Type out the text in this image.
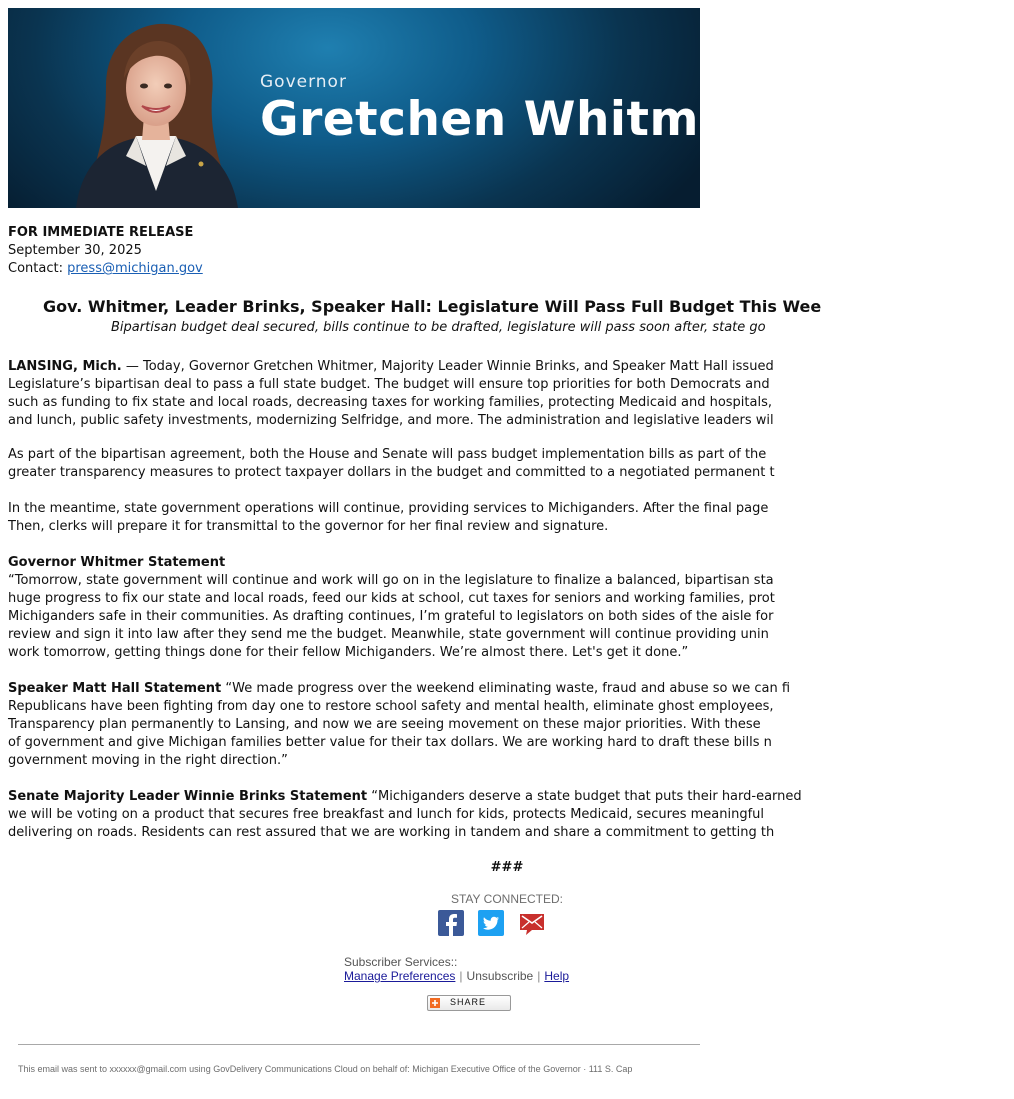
Governor
Gretchen Whitmer
FOR IMMEDIATE RELEASE
September 30, 2025
Contact: press@michigan.gov
Gov. Whitmer, Leader Brinks, Speaker Hall: Legislature Will Pass Full Budget This Wee
Bipartisan budget deal secured, bills continue to be drafted, legislature will pass soon after, state go
LANSING, Mich. — Today, Governor Gretchen Whitmer, Majority Leader Winnie Brinks, and Speaker Matt Hall issued
Legislature’s bipartisan deal to pass a full state budget. The budget will ensure top priorities for both Democrats and
such as funding to fix state and local roads, decreasing taxes for working families, protecting Medicaid and hospitals,
and lunch, public safety investments, modernizing Selfridge, and more. The administration and legislative leaders wil
As part of the bipartisan agreement, both the House and Senate will pass budget implementation bills as part of the
greater transparency measures to protect taxpayer dollars in the budget and committed to a negotiated permanent t
In the meantime, state government operations will continue, providing services to Michiganders. After the final page
Then, clerks will prepare it for transmittal to the governor for her final review and signature.
Governor Whitmer Statement
“Tomorrow, state government will continue and work will go on in the legislature to finalize a balanced, bipartisan sta
huge progress to fix our state and local roads, feed our kids at school, cut taxes for seniors and working families, prot
Michiganders safe in their communities. As drafting continues, I’m grateful to legislators on both sides of the aisle for
review and sign it into law after they send me the budget. Meanwhile, state government will continue providing unin
work tomorrow, getting things done for their fellow Michiganders. We’re almost there. Let's get it done.”
Speaker Matt Hall Statement “We made progress over the weekend eliminating waste, fraud and abuse so we can fi
Republicans have been fighting from day one to restore school safety and mental health, eliminate ghost employees,
Transparency plan permanently to Lansing, and now we are seeing movement on these major priorities. With these
of government and give Michigan families better value for their tax dollars. We are working hard to draft these bills n
government moving in the right direction.”
Senate Majority Leader Winnie Brinks Statement “Michiganders deserve a state budget that puts their hard-earned
we will be voting on a product that secures free breakfast and lunch for kids, protects Medicaid, secures meaningful
delivering on roads. Residents can rest assured that we are working in tandem and share a commitment to getting th
###
STAY CONNECTED:
Subscriber Services::
Manage Preferences | Unsubscribe | Help
SHARE
This email was sent to xxxxxx@gmail.com using GovDelivery Communications Cloud on behalf of: Michigan Executive Office of the Governor · 111 S. Cap
